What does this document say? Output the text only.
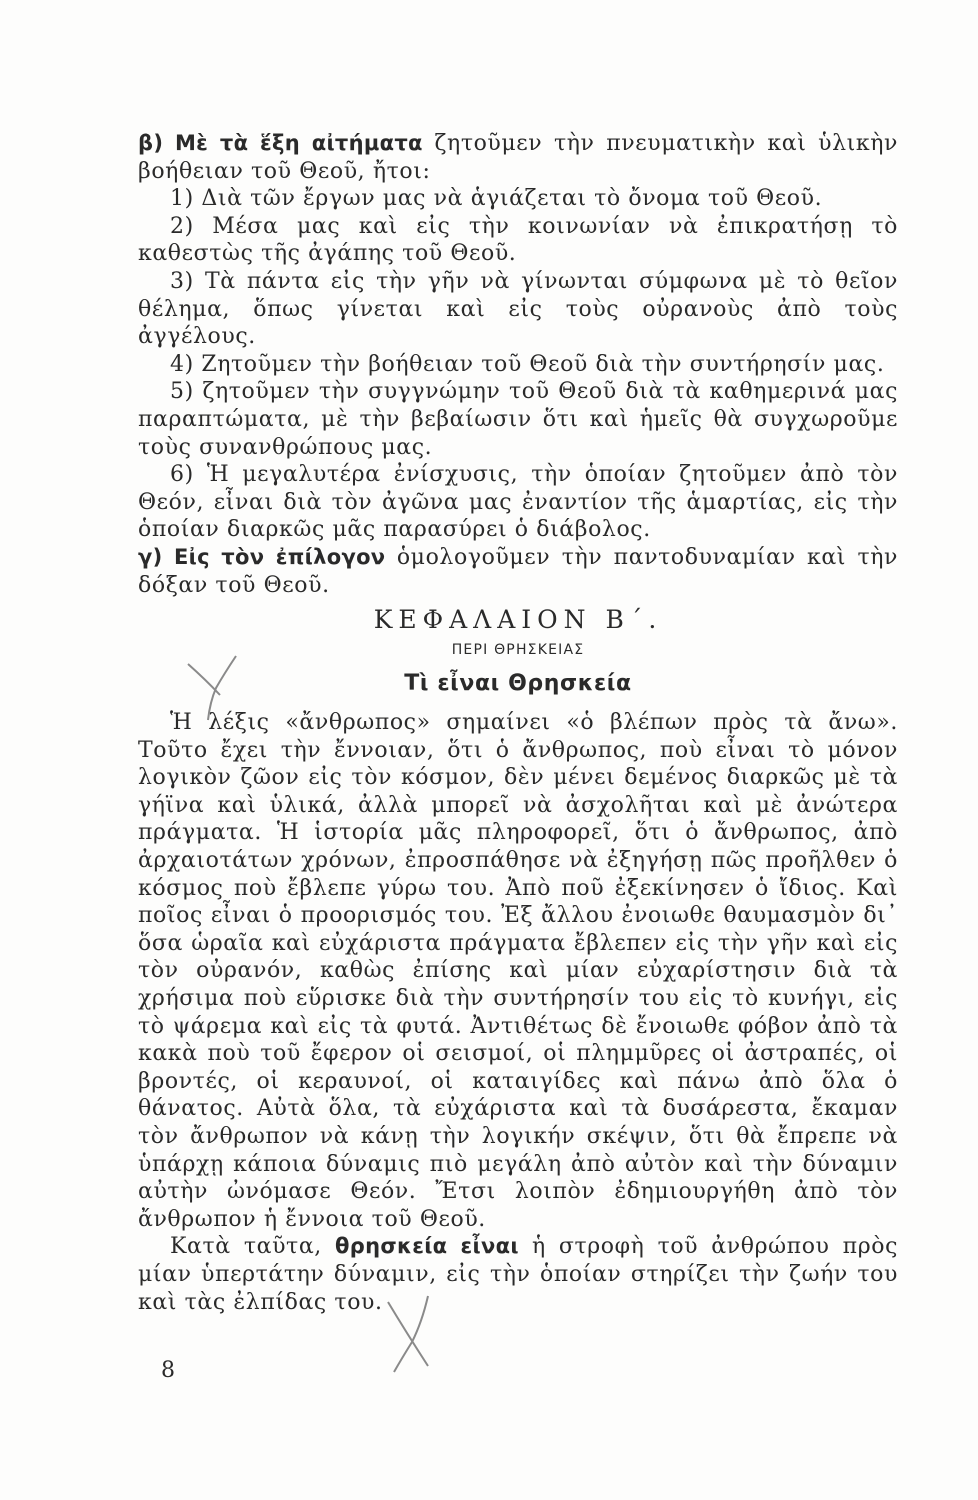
β) Μὲ τὰ ἕξη αἰτήματα ζητοῦμεν τὴν πνευματικὴν καὶ ὑλικὴν βοήθειαν τοῦ Θεοῦ, ἤτοι:

1) Διὰ τῶν ἔργων μας νὰ ἁγιάζεται τὸ ὄνομα τοῦ Θεοῦ.

2) Μέσα μας καὶ εἰς τὴν κοινωνίαν νὰ ἐπικρατήσῃ τὸ καθεστὼς τῆς ἀγάπης τοῦ Θεοῦ.

3) Τὰ πάντα εἰς τὴν γῆν νὰ γίνωνται σύμφωνα μὲ τὸ θεῖον θέλημα, ὅπως γίνεται καὶ εἰς τοὺς οὐρανοὺς ἀπὸ τοὺς ἀγγέλους.

4) Ζητοῦμεν τὴν βοήθειαν τοῦ Θεοῦ διὰ τὴν συντήρησίν μας.

5) ζητοῦμεν τὴν συγγνώμην τοῦ Θεοῦ διὰ τὰ καθημερινά μας παραπτώματα, μὲ τὴν βεβαίωσιν ὅτι καὶ ἡμεῖς θὰ συγχωροῦμε τοὺς συνανθρώπους μας.

6) Ἡ μεγαλυτέρα ἐνίσχυσις, τὴν ὁποίαν ζητοῦμεν ἀπὸ τὸν Θεόν, εἶναι διὰ τὸν ἀγῶνα μας ἐναντίον τῆς ἁμαρτίας, εἰς τὴν ὁποίαν διαρκῶς μᾶς παρασύρει ὁ διάβολος.

γ) Εἰς τὸν ἐπίλογον ὁμολογοῦμεν τὴν παντοδυναμίαν καὶ τὴν δόξαν τοῦ Θεοῦ.

ΚΕΦΑΛΑΙΟΝ Β΄.

ΠΕΡΙ ΘΡΗΣΚΕΙΑΣ

Τὶ εἶναι Θρησκεία

Ἡ λέξις «ἄνθρωπος» σημαίνει «ὁ βλέπων πρὸς τὰ ἄνω». Τοῦτο ἔχει τὴν ἔννοιαν, ὅτι ὁ ἄνθρωπος, ποὺ εἶναι τὸ μόνον λογικὸν ζῶον εἰς τὸν κόσμον, δὲν μένει δεμένος διαρκῶς μὲ τὰ γήϊνα καὶ ὑλικά, ἀλλὰ μπορεῖ νὰ ἀσχολῆται καὶ μὲ ἀνώτερα πράγματα. Ἡ ἱστορία μᾶς πληροφορεῖ, ὅτι ὁ ἄνθρωπος, ἀπὸ ἀρχαιοτάτων χρόνων, ἐπροσπάθησε νὰ ἐξηγήσῃ πῶς προῆλθεν ὁ κόσμος ποὺ ἔβλεπε γύρω του. Ἀπὸ ποῦ ἐξεκίνησεν ὁ ἴδιος. Καὶ ποῖος εἶναι ὁ προορισμός του. Ἐξ ἄλλου ἐνοιωθε θαυμασμὸν δι᾽ ὅσα ὡραῖα καὶ εὐχάριστα πράγματα ἔβλεπεν εἰς τὴν γῆν καὶ εἰς τὸν οὐρανόν, καθὼς ἐπίσης καὶ μίαν εὐχαρίστησιν διὰ τὰ χρήσιμα ποὺ εὕρισκε διὰ τὴν συντήρησίν του εἰς τὸ κυνήγι, εἰς τὸ ψάρεμα καὶ εἰς τὰ φυτά. Ἀντιθέτως δὲ ἔνοιωθε φόβον ἀπὸ τὰ κακὰ ποὺ τοῦ ἔφερον οἱ σεισμοί, οἱ πλημμῦρες οἱ ἀστραπές, οἱ βροντές, οἱ κεραυνοί, οἱ καταιγίδες καὶ πάνω ἀπὸ ὅλα ὁ θάνατος. Αὐτὰ ὅλα, τὰ εὐχάριστα καὶ τὰ δυσάρεστα, ἔκαμαν τὸν ἄνθρωπον νὰ κάνῃ τὴν λογικήν σκέψιν, ὅτι θὰ ἔπρεπε νὰ ὑπάρχῃ κάποια δύναμις πιὸ μεγάλη ἀπὸ αὐτὸν καὶ τὴν δύναμιν αὐτὴν ὠνόμασε Θεόν. Ἔτσι λοιπὸν ἐδημιουργήθη ἀπὸ τὸν ἄνθρωπον ἡ ἔννοια τοῦ Θεοῦ.

Κατὰ ταῦτα, θρησκεία εἶναι ἡ στροφὴ τοῦ ἀνθρώπου πρὸς μίαν ὑπερτάτην δύναμιν, εἰς τὴν ὁποίαν στηρίζει τὴν ζωήν του καὶ τὰς ἐλπίδας του.

8
